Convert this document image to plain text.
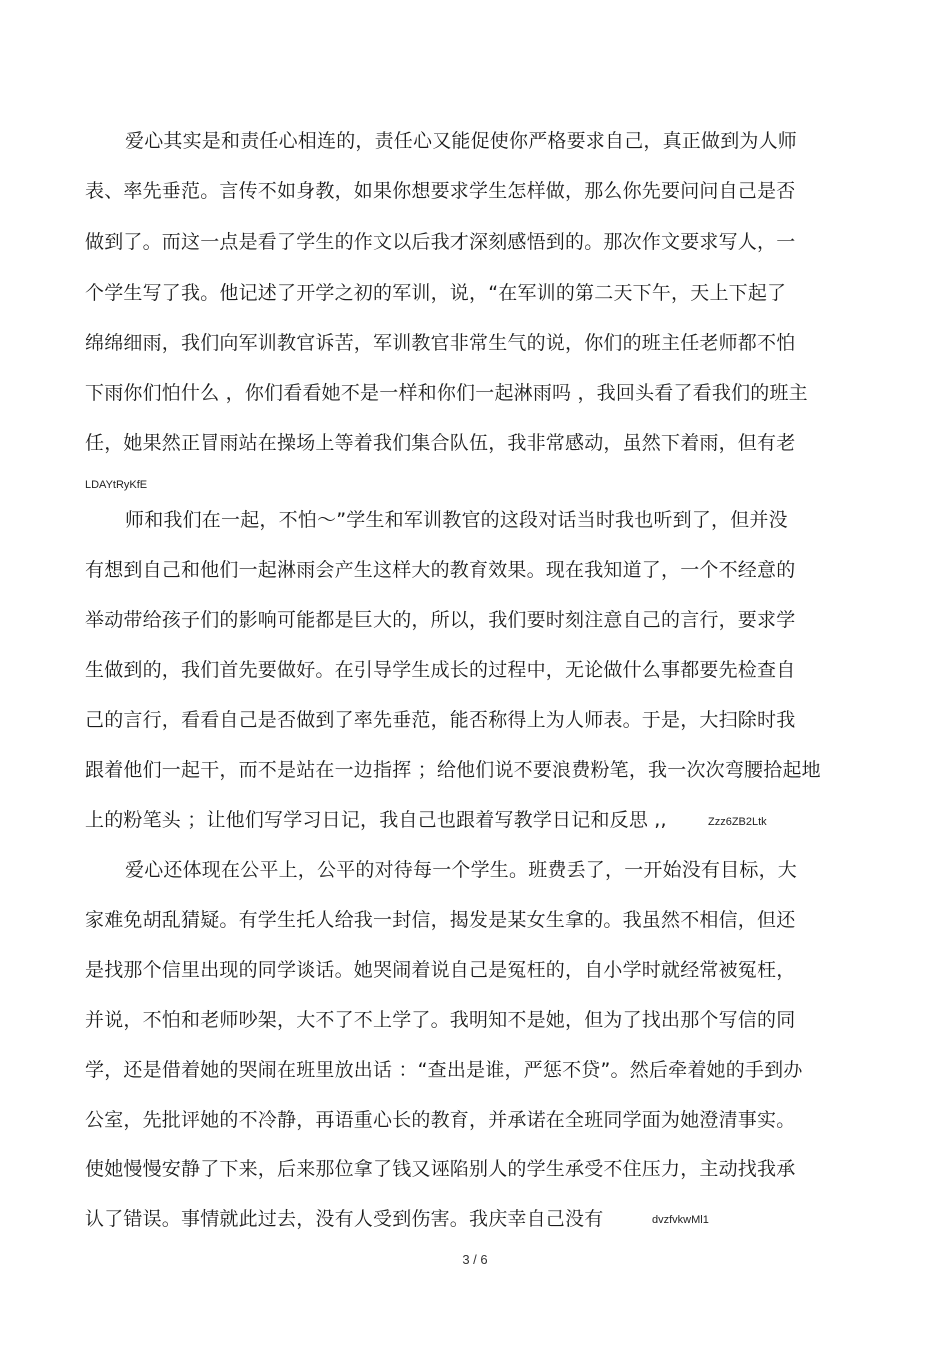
爱心其实是和责任心相连的，责任心又能促使你严格要求自己，真正做到为人师
表、率先垂范。言传不如身教，如果你想要求学生怎样做，那么你先要问问自己是否
做到了。而这一点是看了学生的作文以后我才深刻感悟到的。那次作文要求写人，一
个学生写了我。他记述了开学之初的军训，说，“在军训的第二天下午，天上下起了
绵绵细雨，我们向军训教官诉苦，军训教官非常生气的说，你们的班主任老师都不怕
下雨你们怕什么 ，你们看看她不是一样和你们一起淋雨吗 ，我回头看了看我们的班主
任，她果然正冒雨站在操场上等着我们集合队伍，我非常感动，虽然下着雨，但有老
LDAYtRyKfE
师和我们在一起，不怕～”学生和军训教官的这段对话当时我也听到了，但并没
有想到自己和他们一起淋雨会产生这样大的教育效果。现在我知道了，一个不经意的
举动带给孩子们的影响可能都是巨大的，所以，我们要时刻注意自己的言行，要求学
生做到的，我们首先要做好。在引导学生成长的过程中，无论做什么事都要先检查自
己的言行，看看自己是否做到了率先垂范，能否称得上为人师表。于是，大扫除时我
跟着他们一起干，而不是站在一边指挥 ；给他们说不要浪费粉笔，我一次次弯腰拾起地
上的粉笔头 ；让他们写学习日记，我自己也跟着写教学日记和反思 ,,	Zzz6ZB2Ltk
爱心还体现在公平上，公平的对待每一个学生。班费丢了，一开始没有目标，大
家难免胡乱猜疑。有学生托人给我一封信，揭发是某女生拿的。我虽然不相信，但还
是找那个信里出现的同学谈话。她哭闹着说自己是冤枉的，自小学时就经常被冤枉，
并说，不怕和老师吵架，大不了不上学了。我明知不是她，但为了找出那个写信的同
学，还是借着她的哭闹在班里放出话 ：“查出是谁，严惩不贷”。然后牵着她的手到办
公室，先批评她的不冷静，再语重心长的教育，并承诺在全班同学面为她澄清事实。
使她慢慢安静了下来，后来那位拿了钱又诬陷别人的学生承受不住压力，主动找我承
认了错误。事情就此过去，没有人受到伤害。我庆幸自己没有	dvzfvkwMl1
3 / 6
